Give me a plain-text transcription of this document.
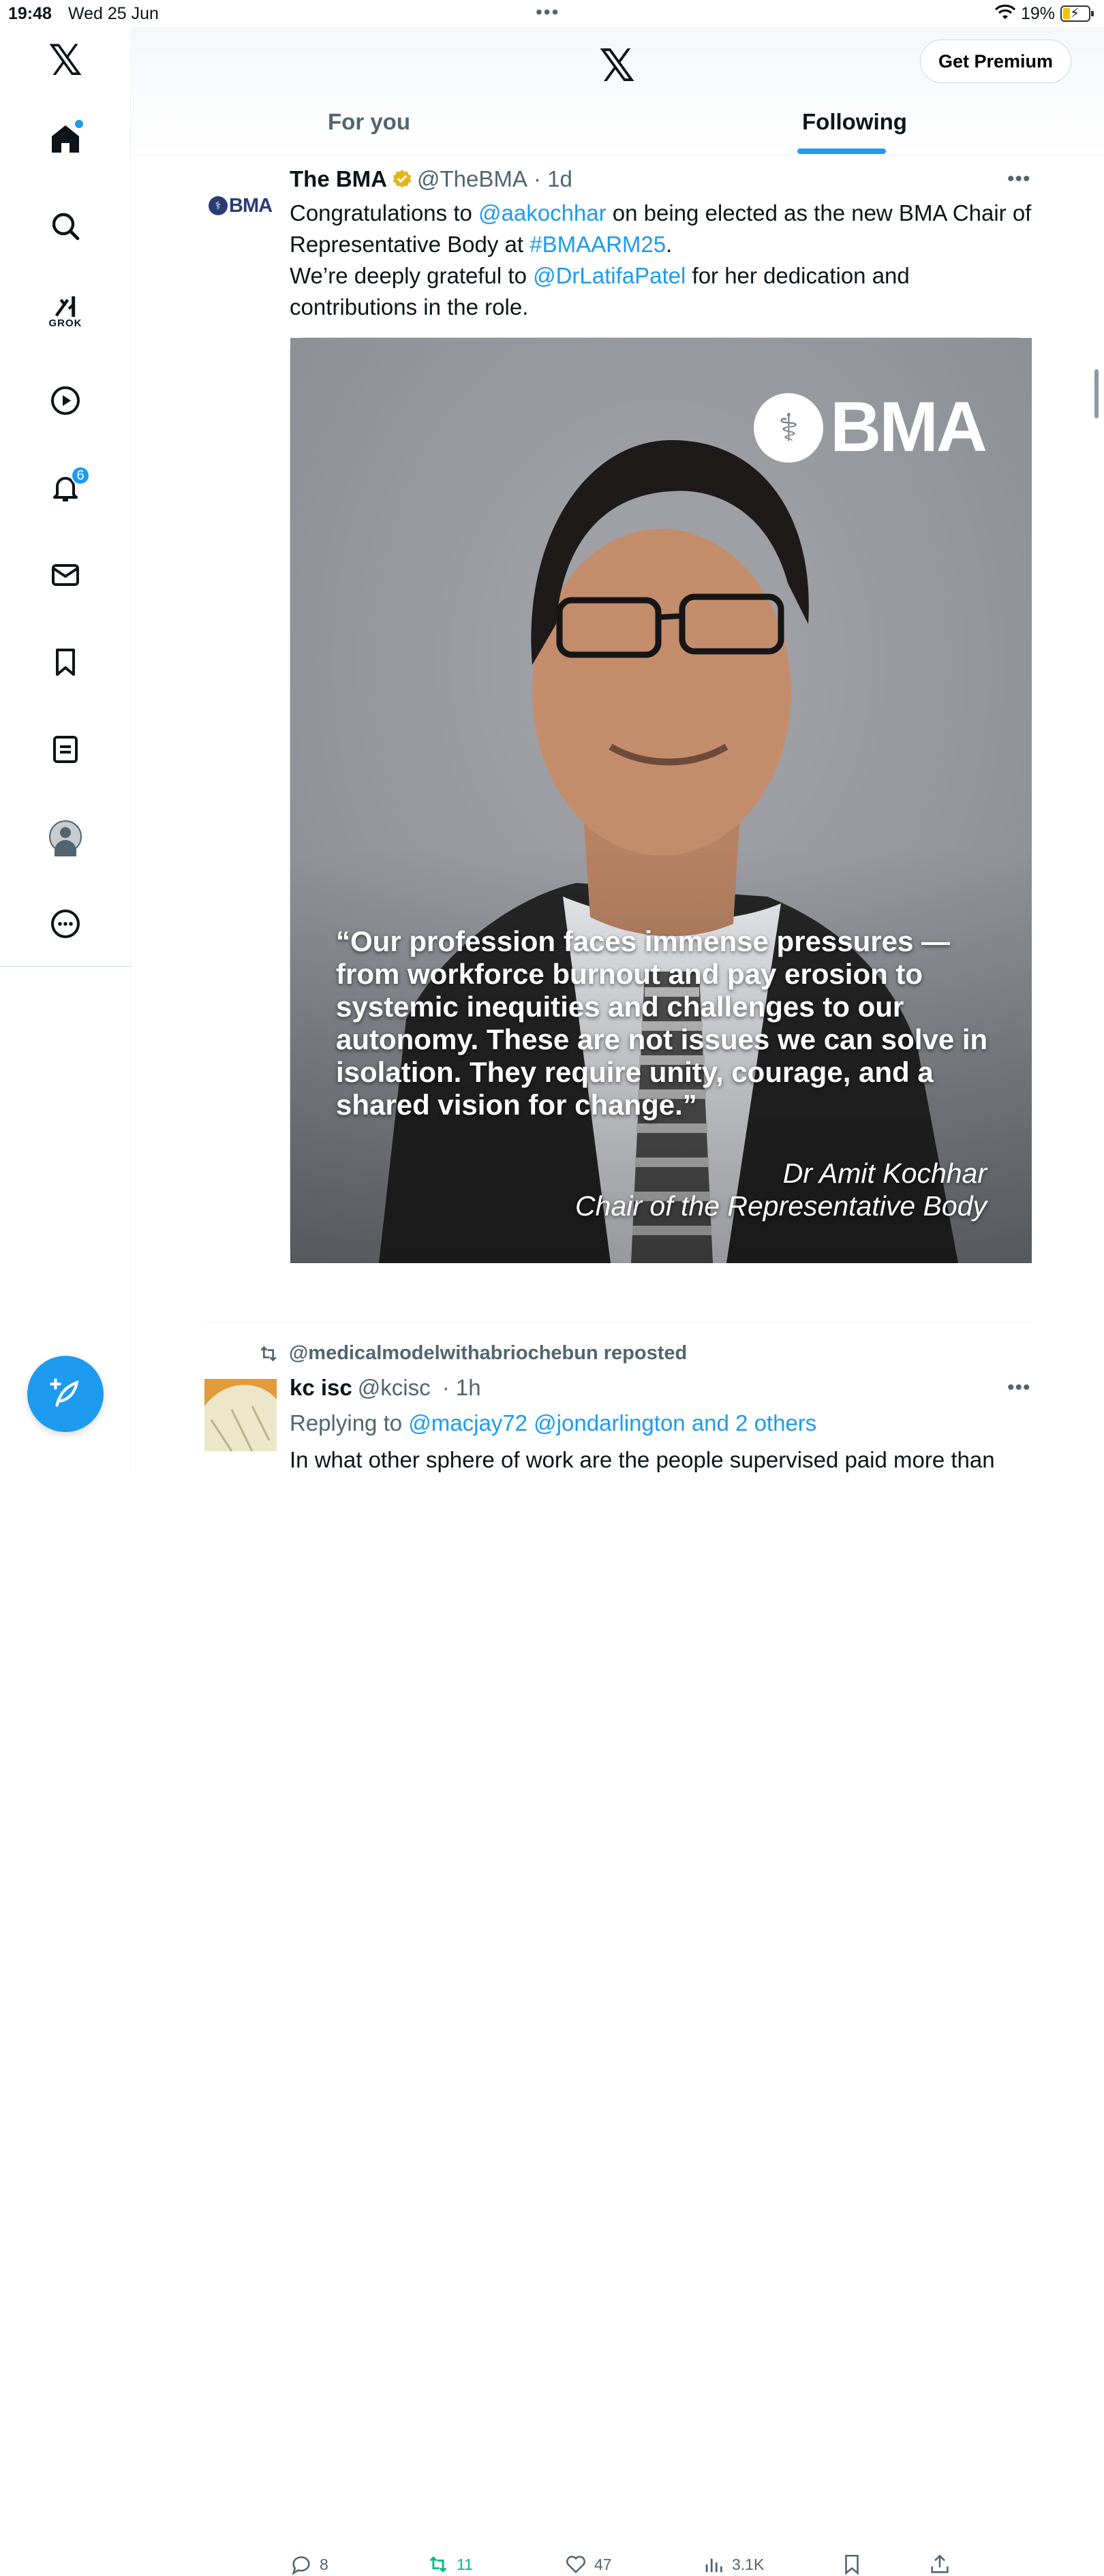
19:48 Wed 25 Jun	•••	19% ⚡
𝕏
GROK
6
𝕏	Get Premium
For you	Following
⚕ BMA
The BMA @TheBMA · 1d	•••
Congratulations to @aakochhar on being elected as the new BMA Chair of Representative Body at #BMAARM25.
We’re deeply grateful to @DrLatifaPatel for her dedication and contributions in the role.
⚕ BMA
“Our profession faces immense pressures — from workforce burnout and pay erosion to systemic inequities and challenges to our autonomy. These are not issues we can solve in isolation. They require unity, courage, and a shared vision for change.”
Dr Amit Kochhar
Chair of the Representative Body
8	11	47	3.1K
@medicalmodelwithabriochebun reposted
kc isc @kcisc · 1h	•••
Replying to @macjay72 @jondarlington and 2 others
In what other sphere of work are the people supervised paid more than
